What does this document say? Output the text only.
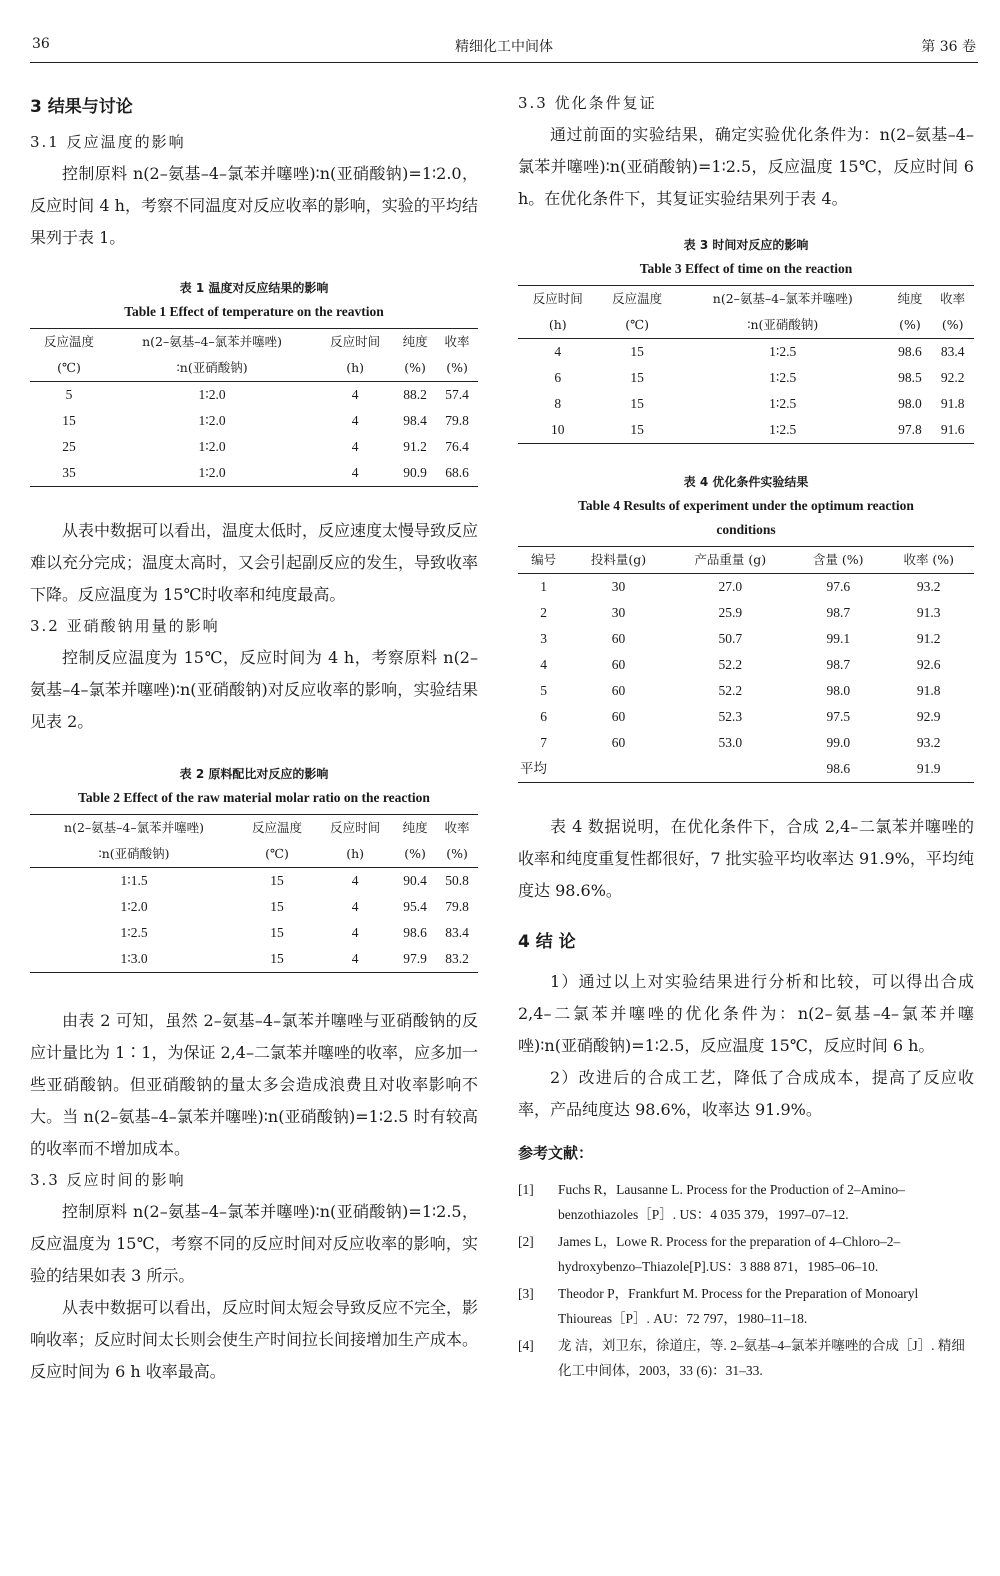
36	精细化工中间体	第 36 卷
3 结果与讨论
3.1 反应温度的影响

控制原料 n(2–氨基–4–氯苯并噻唑)∶n(亚硝酸钠)=1∶2.0，反应时间 4 h，考察不同温度对反应收率的影响，实验的平均结果列于表 1。

表 1 温度对反应结果的影响
Table 1 Effect of temperature on the reavtion
反应温度	n(2–氨基–4–氯苯并噻唑)	反应时间	纯度	收率
(℃)	∶n(亚硝酸钠)	(h)	(%)	(%)
5	1∶2.0	4	88.2	57.4
15	1∶2.0	4	98.4	79.8
25	1∶2.0	4	91.2	76.4
35	1∶2.0	4	90.9	68.6

从表中数据可以看出，温度太低时，反应速度太慢导致反应难以充分完成；温度太高时，又会引起副反应的发生，导致收率下降。反应温度为 15℃时收率和纯度最高。

3.2 亚硝酸钠用量的影响

控制反应温度为 15℃，反应时间为 4 h，考察原料 n(2–氨基–4–氯苯并噻唑)∶n(亚硝酸钠)对反应收率的影响，实验结果见表 2。

表 2 原料配比对反应的影响
Table 2 Effect of the raw material molar ratio on the reaction
n(2–氨基–4–氯苯并噻唑)	反应温度	反应时间	纯度	收率
∶n(亚硝酸钠)	(℃)	(h)	(%)	(%)
1∶1.5	15	4	90.4	50.8
1∶2.0	15	4	95.4	79.8
1∶2.5	15	4	98.6	83.4
1∶3.0	15	4	97.9	83.2

由表 2 可知，虽然 2–氨基–4–氯苯并噻唑与亚硝酸钠的反应计量比为 1∶1，为保证 2,4–二氯苯并噻唑的收率，应多加一些亚硝酸钠。但亚硝酸钠的量太多会造成浪费且对收率影响不大。当 n(2–氨基–4–氯苯并噻唑)∶n(亚硝酸钠)=1∶2.5 时有较高的收率而不增加成本。

3.3 反应时间的影响

控制原料 n(2–氨基–4–氯苯并噻唑)∶n(亚硝酸钠)=1∶2.5，反应温度为 15℃，考察不同的反应时间对反应收率的影响，实验的结果如表 3 所示。

从表中数据可以看出，反应时间太短会导致反应不完全，影响收率；反应时间太长则会使生产时间拉长间接增加生产成本。反应时间为 6 h 收率最高。

3.3 优化条件复证

通过前面的实验结果，确定实验优化条件为：n(2–氨基–4–氯苯并噻唑)∶n(亚硝酸钠)=1∶2.5，反应温度 15℃，反应时间 6 h。在优化条件下，其复证实验结果列于表 4。

表 3 时间对反应的影响
Table 3 Effect of time on the reaction
反应时间	反应温度	n(2–氨基–4–氯苯并噻唑)	纯度	收率
(h)	(℃)	∶n(亚硝酸钠)	(%)	(%)
4	15	1∶2.5	98.6	83.4
6	15	1∶2.5	98.5	92.2
8	15	1∶2.5	98.0	91.8
10	15	1∶2.5	97.8	91.6
表 4 优化条件实验结果
Table 4 Results of experiment under the optimum reaction conditions
编号	投料量(g)	产品重量 (g)	含量 (%)	收率 (%)
1	30	27.0	97.6	93.2
2	30	25.9	98.7	91.3
3	60	50.7	99.1	91.2
4	60	52.2	98.7	92.6
5	60	52.2	98.0	91.8
6	60	52.3	97.5	92.9
7	60	53.0	99.0	93.2
平均			98.6	91.9

表 4 数据说明，在优化条件下，合成 2,4–二氯苯并噻唑的收率和纯度重复性都很好，7 批实验平均收率达 91.9%，平均纯度达 98.6%。

4 结 论

1）通过以上对实验结果进行分析和比较，可以得出合成 2,4–二氯苯并噻唑的优化条件为：n(2–氨基–4–氯苯并噻唑)∶n(亚硝酸钠)=1∶2.5，反应温度 15℃，反应时间 6 h。

2）改进后的合成工艺，降低了合成成本，提高了反应收率，产品纯度达 98.6%，收率达 91.9%。

参考文献：

[1] Fuchs R，Lausanne L. Process for the Production of 2–Amino–benzothiazoles［P］. US：4 035 379，1997–07–12.

[2] James L，Lowe R. Process for the preparation of 4–Chloro–2–hydroxybenzo–Thiazole[P].US：3 888 871，1985–06–10.

[3] Theodor P，Frankfurt M. Process for the Preparation of Monoaryl Thioureas［P］. AU：72 797，1980–11–18.

[4] 龙 洁，刘卫东，徐道庄，等. 2–氨基–4–氯苯并噻唑的合成［J］. 精细化工中间体，2003，33 (6)：31–33.
